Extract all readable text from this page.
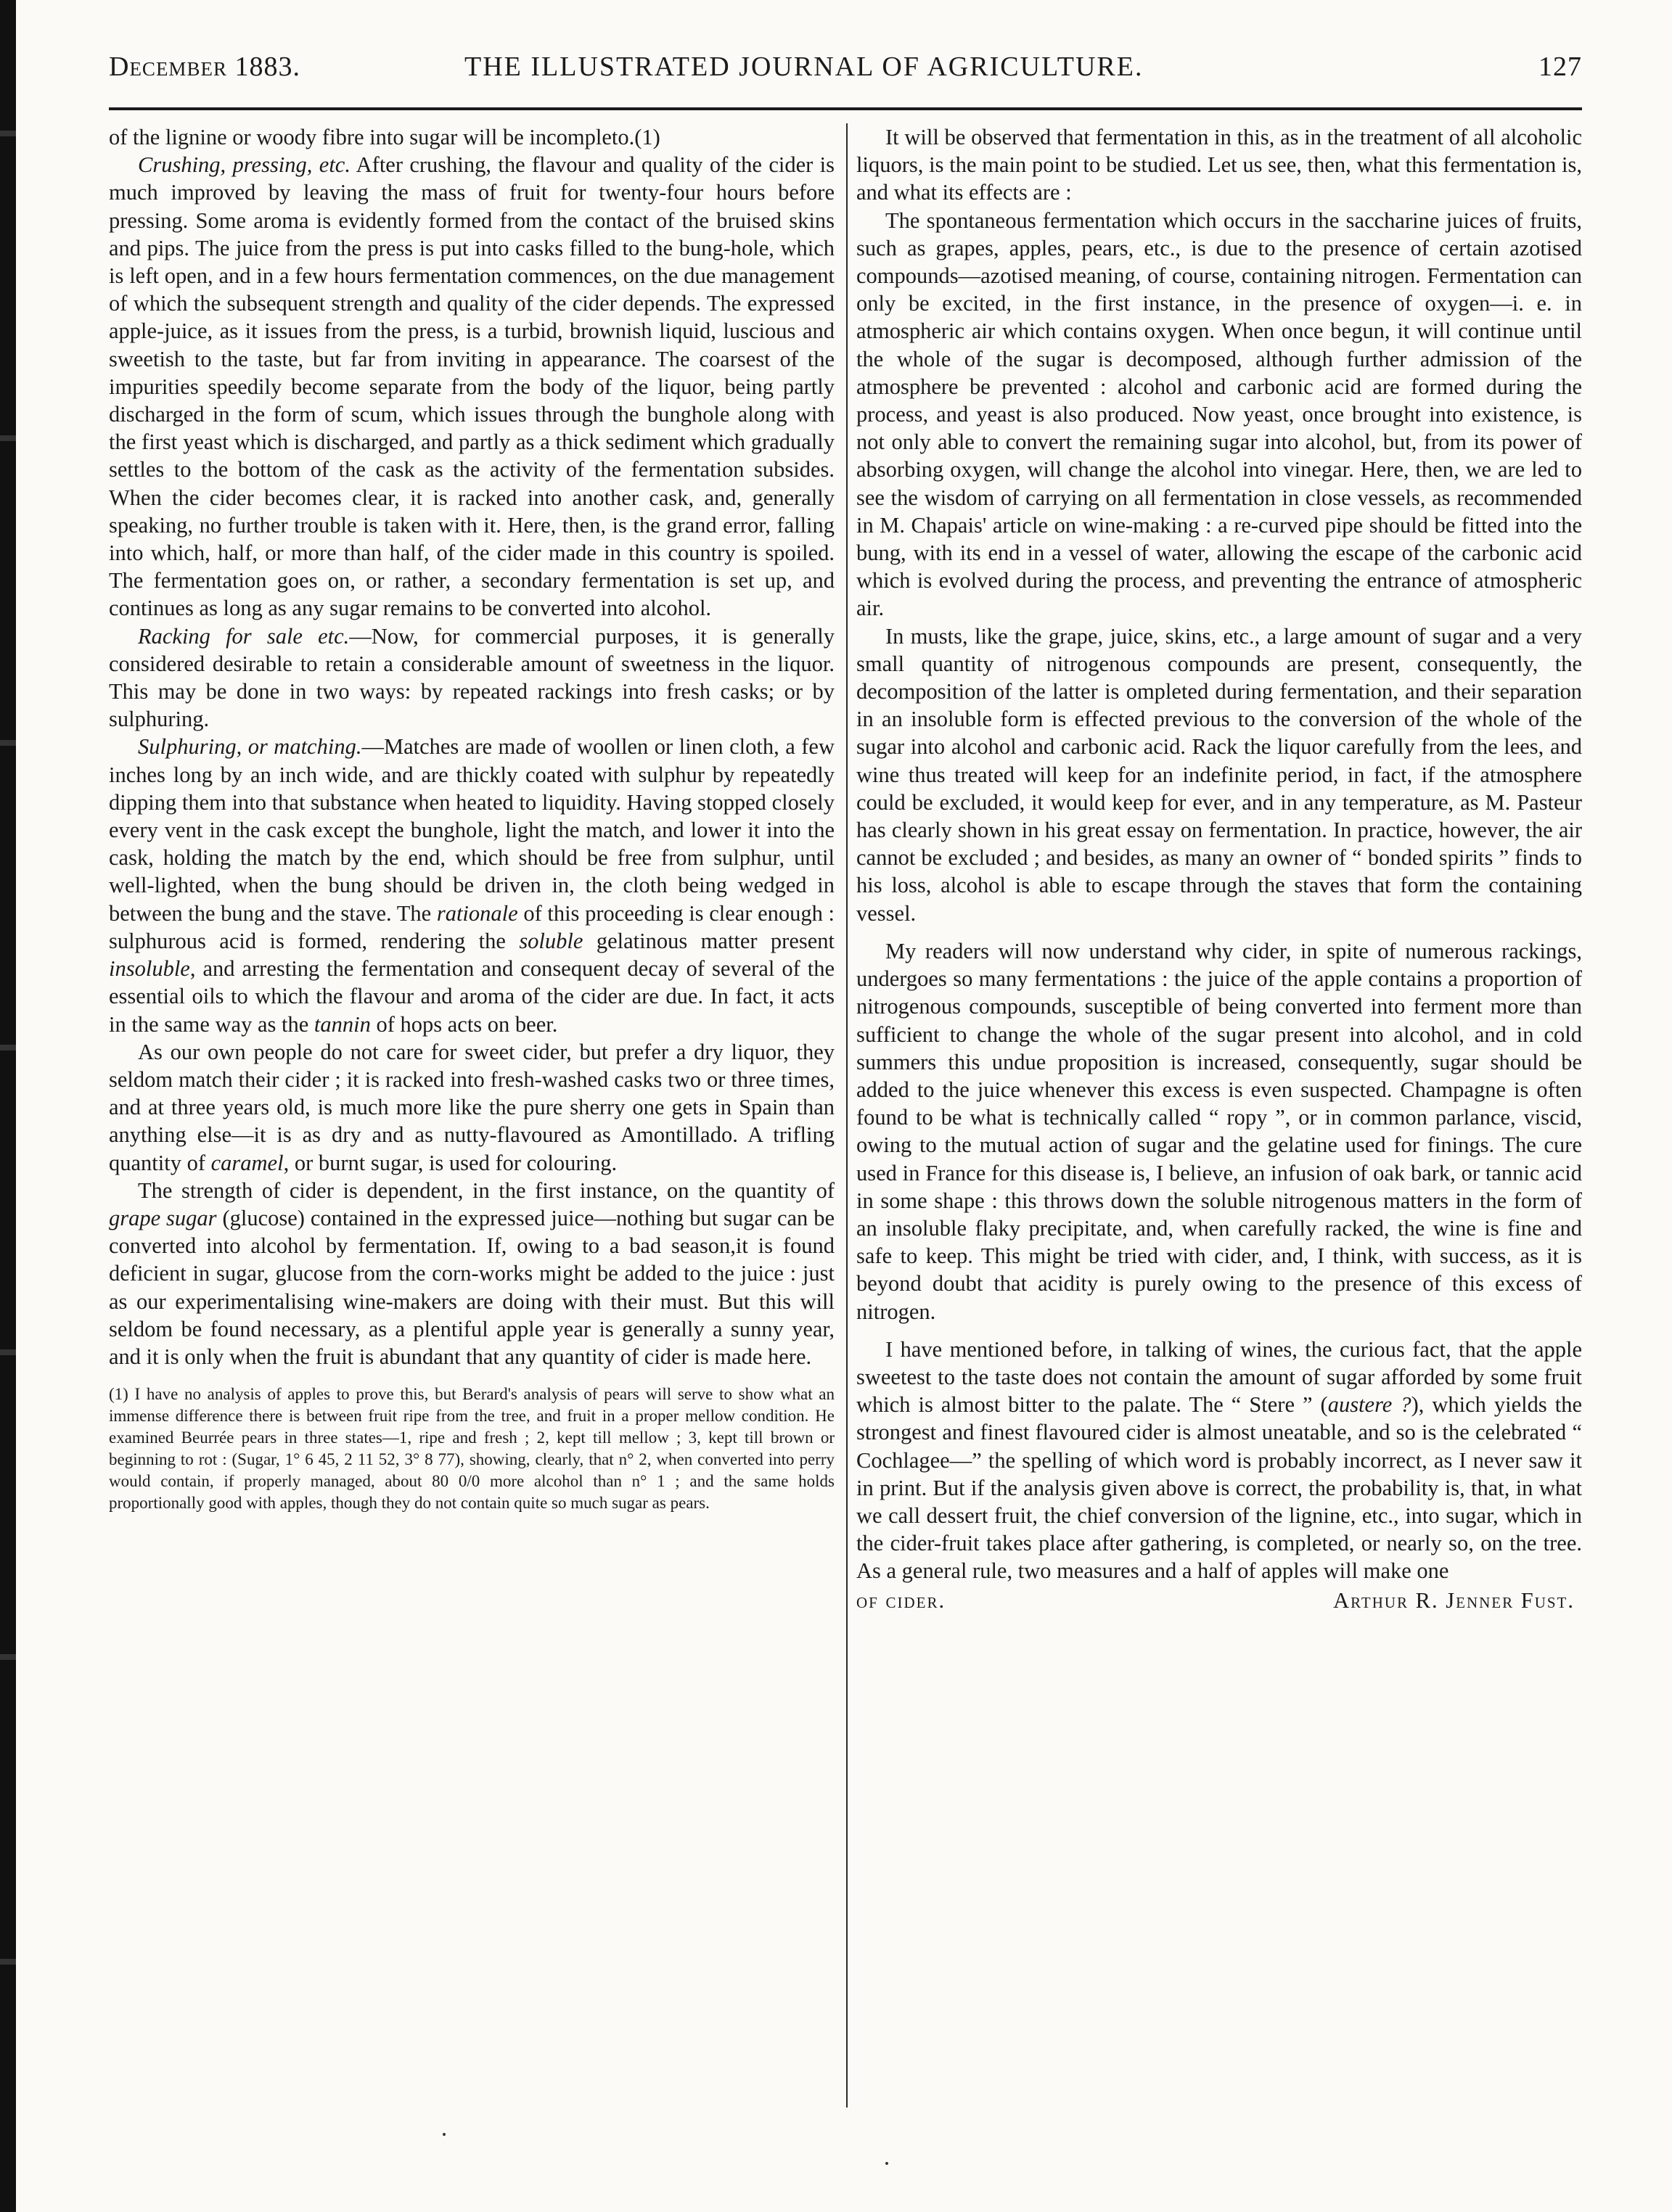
December 1883.	THE ILLUSTRATED JOURNAL OF AGRICULTURE.	127

of the lignine or woody fibre into sugar will be incompleto.(1)

Crushing, pressing, etc. After crushing, the flavour and quality of the cider is much improved by leaving the mass of fruit for twenty-four hours before pressing. Some aroma is evidently formed from the contact of the bruised skins and pips. The juice from the press is put into casks filled to the bung-hole, which is left open, and in a few hours fermentation commences, on the due management of which the subsequent strength and quality of the cider depends. The expressed apple-juice, as it issues from the press, is a turbid, brownish liquid, luscious and sweetish to the taste, but far from inviting in appearance. The coarsest of the impurities speedily become separate from the body of the liquor, being partly discharged in the form of scum, which issues through the bunghole along with the first yeast which is discharged, and partly as a thick sediment which gradually settles to the bottom of the cask as the activity of the fermentation subsides. When the cider becomes clear, it is racked into another cask, and, generally speaking, no further trouble is taken with it. Here, then, is the grand error, falling into which, half, or more than half, of the cider made in this country is spoiled. The fermentation goes on, or rather, a secondary fermentation is set up, and continues as long as any sugar remains to be converted into alcohol.

Racking for sale etc.—Now, for commercial purposes, it is generally considered desirable to retain a considerable amount of sweetness in the liquor. This may be done in two ways: by repeated rackings into fresh casks; or by sulphuring.

Sulphuring, or matching.—Matches are made of woollen or linen cloth, a few inches long by an inch wide, and are thickly coated with sulphur by repeatedly dipping them into that substance when heated to liquidity. Having stopped closely every vent in the cask except the bunghole, light the match, and lower it into the cask, holding the match by the end, which should be free from sulphur, until well-lighted, when the bung should be driven in, the cloth being wedged in between the bung and the stave. The rationale of this proceeding is clear enough : sulphurous acid is formed, rendering the soluble gelatinous matter present insoluble, and arresting the fermentation and consequent decay of several of the essential oils to which the flavour and aroma of the cider are due. In fact, it acts in the same way as the tannin of hops acts on beer.

As our own people do not care for sweet cider, but prefer a dry liquor, they seldom match their cider ; it is racked into fresh-washed casks two or three times, and at three years old, is much more like the pure sherry one gets in Spain than anything else—it is as dry and as nutty-flavoured as Amontillado. A trifling quantity of caramel, or burnt sugar, is used for colouring.

The strength of cider is dependent, in the first instance, on the quantity of grape sugar (glucose) contained in the expressed juice—nothing but sugar can be converted into alcohol by fermentation. If, owing to a bad season,it is found deficient in sugar, glucose from the corn-works might be added to the juice : just as our experimentalising wine-makers are doing with their must. But this will seldom be found necessary, as a plentiful apple year is generally a sunny year, and it is only when the fruit is abundant that any quantity of cider is made here.

(1) I have no analysis of apples to prove this, but Berard's analysis of pears will serve to show what an immense difference there is between fruit ripe from the tree, and fruit in a proper mellow condition. He examined Beurrée pears in three states—1, ripe and fresh ; 2, kept till mellow ; 3, kept till brown or beginning to rot : (Sugar, 1° 6 45, 2 11 52, 3° 8 77), showing, clearly, that n° 2, when converted into perry would contain, if properly managed, about 80 0/0 more alcohol than n° 1 ; and the same holds proportionally good with apples, though they do not contain quite so much sugar as pears.

It will be observed that fermentation in this, as in the treatment of all alcoholic liquors, is the main point to be studied. Let us see, then, what this fermentation is, and what its effects are :

The spontaneous fermentation which occurs in the saccharine juices of fruits, such as grapes, apples, pears, etc., is due to the presence of certain azotised compounds—azotised meaning, of course, containing nitrogen. Fermentation can only be excited, in the first instance, in the presence of oxygen—i. e. in atmospheric air which contains oxygen. When once begun, it will continue until the whole of the sugar is decomposed, although further admission of the atmosphere be prevented : alcohol and carbonic acid are formed during the process, and yeast is also produced. Now yeast, once brought into existence, is not only able to convert the remaining sugar into alcohol, but, from its power of absorbing oxygen, will change the alcohol into vinegar. Here, then, we are led to see the wisdom of carrying on all fermentation in close vessels, as recommended in M. Chapais' article on wine-making : a re-curved pipe should be fitted into the bung, with its end in a vessel of water, allowing the escape of the carbonic acid which is evolved during the process, and preventing the entrance of atmospheric air.

In musts, like the grape, juice, skins, etc., a large amount of sugar and a very small quantity of nitrogenous compounds are present, consequently, the decomposition of the latter is ompleted during fermentation, and their separation in an insoluble form is effected previous to the conversion of the whole of the sugar into alcohol and carbonic acid. Rack the liquor carefully from the lees, and wine thus treated will keep for an indefinite period, in fact, if the atmosphere could be excluded, it would keep for ever, and in any temperature, as M. Pasteur has clearly shown in his great essay on fermentation. In practice, however, the air cannot be excluded ; and besides, as many an owner of “ bonded spirits ” finds to his loss, alcohol is able to escape through the staves that form the containing vessel.

My readers will now understand why cider, in spite of numerous rackings, undergoes so many fermentations : the juice of the apple contains a proportion of nitrogenous compounds, susceptible of being converted into ferment more than sufficient to change the whole of the sugar present into alcohol, and in cold summers this undue proposition is increased, consequently, sugar should be added to the juice whenever this excess is even suspected. Champagne is often found to be what is technically called “ ropy ”, or in common parlance, viscid, owing to the mutual action of sugar and the gelatine used for finings. The cure used in France for this disease is, I believe, an infusion of oak bark, or tannic acid in some shape : this throws down the soluble nitrogenous matters in the form of an insoluble flaky precipitate, and, when carefully racked, the wine is fine and safe to keep. This might be tried with cider, and, I think, with success, as it is beyond doubt that acidity is purely owing to the presence of this excess of nitrogen.

I have mentioned before, in talking of wines, the curious fact, that the apple sweetest to the taste does not contain the amount of sugar afforded by some fruit which is almost bitter to the palate. The “ Stere ” (austere ?), which yields the strongest and finest flavoured cider is almost uneatable, and so is the celebrated “ Cochlagee—” the spelling of which word is probably incorrect, as I never saw it in print. But if the analysis given above is correct, the probability is, that, in what we call dessert fruit, the chief conversion of the lignine, etc., into sugar, which in the cider-fruit takes place after gathering, is completed, or nearly so, on the tree. As a general rule, two measures and a half of apples will make one

of cider.	Arthur R. Jenner Fust.
